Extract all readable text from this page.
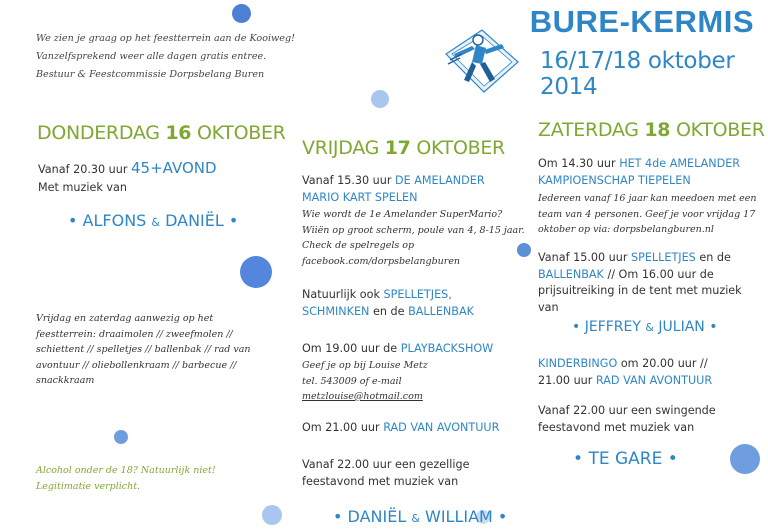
We zien je graag op het feestterrein aan de Kooiweg!
Vanzelfsprekend weer alle dagen gratis entree.
Bestuur & Feestcommissie Dorpsbelang Buren
BURE-KERMIS
16/17/18 oktober 2014
DONDERDAG 16 OKTOBER
Vanaf 20.30 uur 45+AVOND
Met muziek van
• ALFONS & DANIËL •
Vrijdag en zaterdag aanwezig op het
feestterrein: draaimolen // zweefmolen //
schiettent // spelletjes // ballenbak // rad van
avontuur // oliebollenkraam // barbecue //
snackkraam
Alcohol onder de 18? Natuurlijk niet!
Legitimatie verplicht.
VRIJDAG 17 OKTOBER
Vanaf 15.30 uur DE AMELANDER
MARIO KART SPELEN
Wie wordt de 1e Amelander SuperMario?
Wiiën op groot scherm, poule van 4, 8-15 jaar.
Check de spelregels op
facebook.com/dorpsbelangburen
Natuurlijk ook SPELLETJES,
SCHMINKEN en de BALLENBAK
Om 19.00 uur de PLAYBACKSHOW
Geef je op bij Louise Metz
tel. 543009 of e-mail
metzlouise@hotmail.com
Om 21.00 uur RAD VAN AVONTUUR
Vanaf 22.00 uur een gezellige
feestavond met muziek van
• DANIËL & WILLIAM •
ZATERDAG 18 OKTOBER
Om 14.30 uur HET 4de AMELANDER
KAMPIOENSCHAP TIEPELEN
Iedereen vanaf 16 jaar kan meedoen met een
team van 4 personen. Geef je voor vrijdag 17
oktober op via: dorpsbelangburen.nl
Vanaf 15.00 uur SPELLETJES en de
BALLENBAK // Om 16.00 uur de
prijsuitreiking in de tent met muziek
van
• JEFFREY & JULIAN •
KINDERBINGO om 20.00 uur //
21.00 uur RAD VAN AVONTUUR
Vanaf 22.00 uur een swingende
feestavond met muziek van
• TE GARE •
